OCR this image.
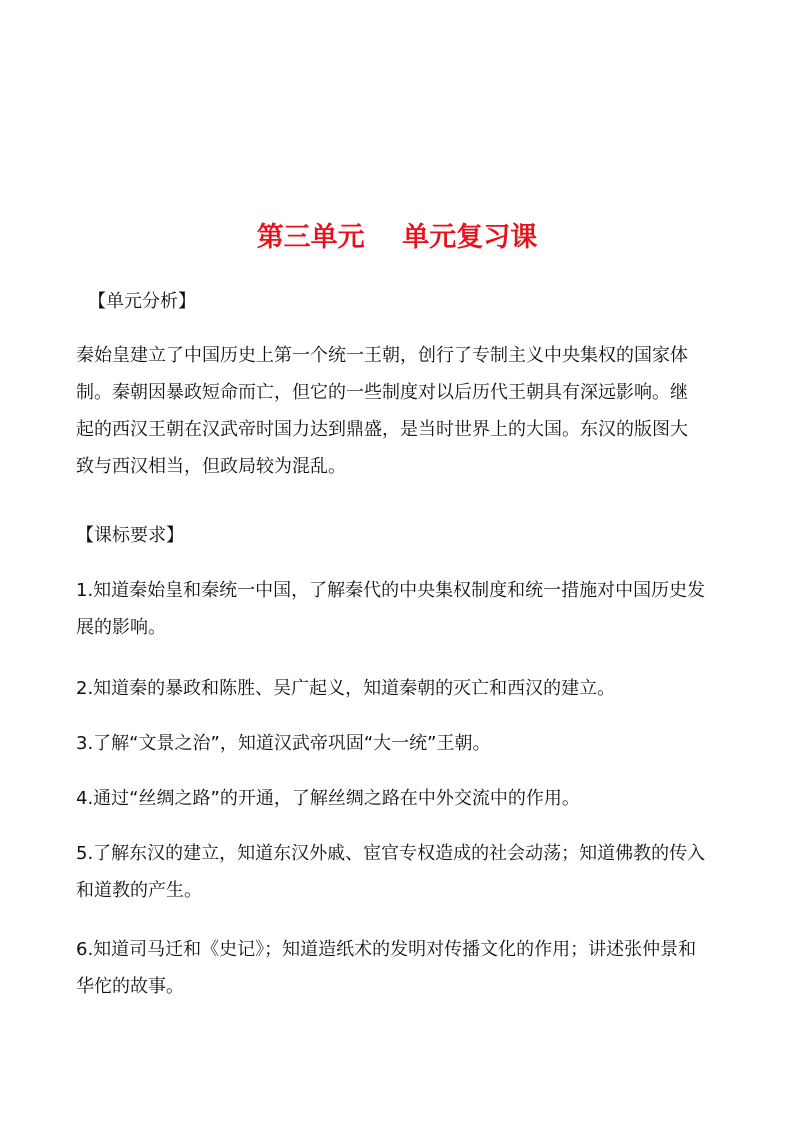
第三单元    单元复习课
【单元分析】

秦始皇建立了中国历史上第一个统一王朝，创行了专制主义中央集权的国家体
制。秦朝因暴政短命而亡，但它的一些制度对以后历代王朝具有深远影响。继
起的西汉王朝在汉武帝时国力达到鼎盛，是当时世界上的大国。东汉的版图大
致与西汉相当，但政局较为混乱。

【课标要求】

1.知道秦始皇和秦统一中国，了解秦代的中央集权制度和统一措施对中国历史发
展的影响。

2.知道秦的暴政和陈胜、吴广起义，知道秦朝的灭亡和西汉的建立。

3.了解“文景之治”，知道汉武帝巩固“大一统”王朝。

4.通过“丝绸之路”的开通，了解丝绸之路在中外交流中的作用。

5.了解东汉的建立，知道东汉外戚、宦官专权造成的社会动荡；知道佛教的传入
和道教的产生。

6.知道司马迁和《史记》；知道造纸术的发明对传播文化的作用；讲述张仲景和
华佗的故事。
